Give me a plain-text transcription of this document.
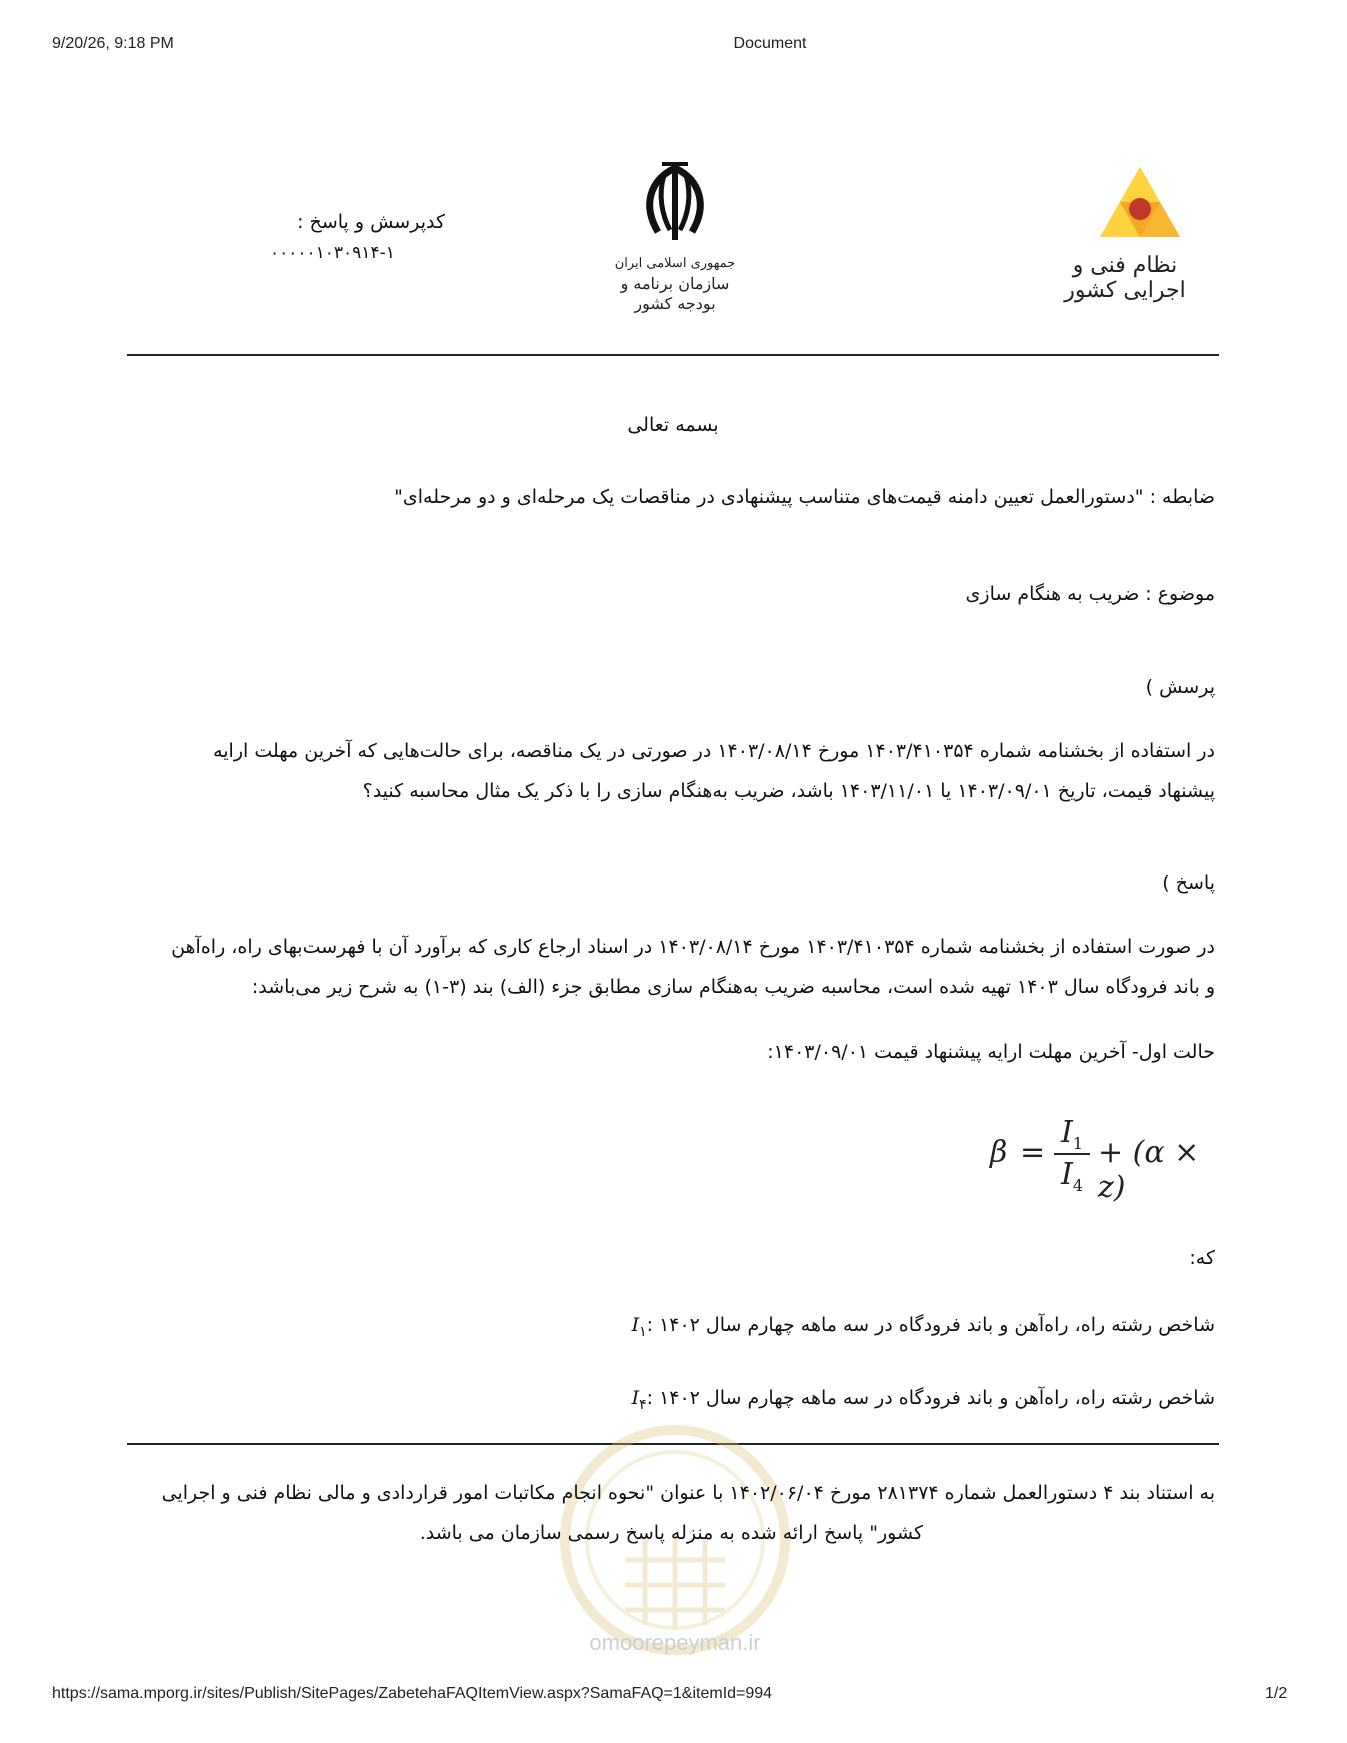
9/20/26, 9:18 PM	Document
نظام فنی و اجرایی کشور
جمهوری اسلامی ایران
سازمان برنامه و بودجه کشور
کدپرسش و پاسخ :
۰۰۰۰۰۱۰۳۰۹۱۴-۱
بسمه تعالی
ضابطه : "دستورالعمل تعیین دامنه قیمت‌های متناسب پیشنهادی در مناقصات یک مرحله‌ای و دو مرحله‌ای"
موضوع : ضریب به هنگام سازی
پرسش )
در استفاده از بخشنامه شماره ۱۴۰۳/۴۱۰۳۵۴ مورخ ۱۴۰۳/۰۸/۱۴ در صورتی در یک مناقصه، برای حالت‌هایی که آخرین مهلت ارایه
پیشنهاد قیمت، تاریخ ۱۴۰۳/۰۹/۰۱ یا ۱۴۰۳/۱۱/۰۱ باشد، ضریب به‌هنگام سازی را با ذکر یک مثال محاسبه کنید؟
پاسخ )
در صورت استفاده از بخشنامه شماره ۱۴۰۳/۴۱۰۳۵۴ مورخ ۱۴۰۳/۰۸/۱۴ در اسناد ارجاع کاری که برآورد آن با فهرست‌بهای راه، راه‌آهن
و باند فرودگاه سال ۱۴۰۳ تهیه شده است، محاسبه ضریب به‌هنگام سازی مطابق جزء (الف) بند (۳-۱) به شرح زیر می‌باشد:
حالت اول- آخرین مهلت ارایه پیشنهاد قیمت ۱۴۰۳/۰۹/۰۱:
β =
$I_1$
$I_4$
+ (α × z)
که:
$I_۱$: شاخص رشته راه، راه‌آهن و باند فرودگاه در سه ماهه چهارم سال ۱۴۰۲
$I_۴$: شاخص رشته راه، راه‌آهن و باند فرودگاه در سه ماهه چهارم سال ۱۴۰۲
به استناد بند ۴ دستورالعمل شماره ۲۸۱۳۷۴ مورخ ۱۴۰۲/۰۶/۰۴ با عنوان "نحوه انجام مکاتبات امور قراردادی و مالی نظام فنی و اجرایی
کشور" پاسخ ارائه شده به منزله پاسخ رسمی سازمان می باشد.
omoorepeyman.ir
https://sama.mporg.ir/sites/Publish/SitePages/ZabetehaFAQItemView.aspx?SamaFAQ=1&itemId=994	1/2
